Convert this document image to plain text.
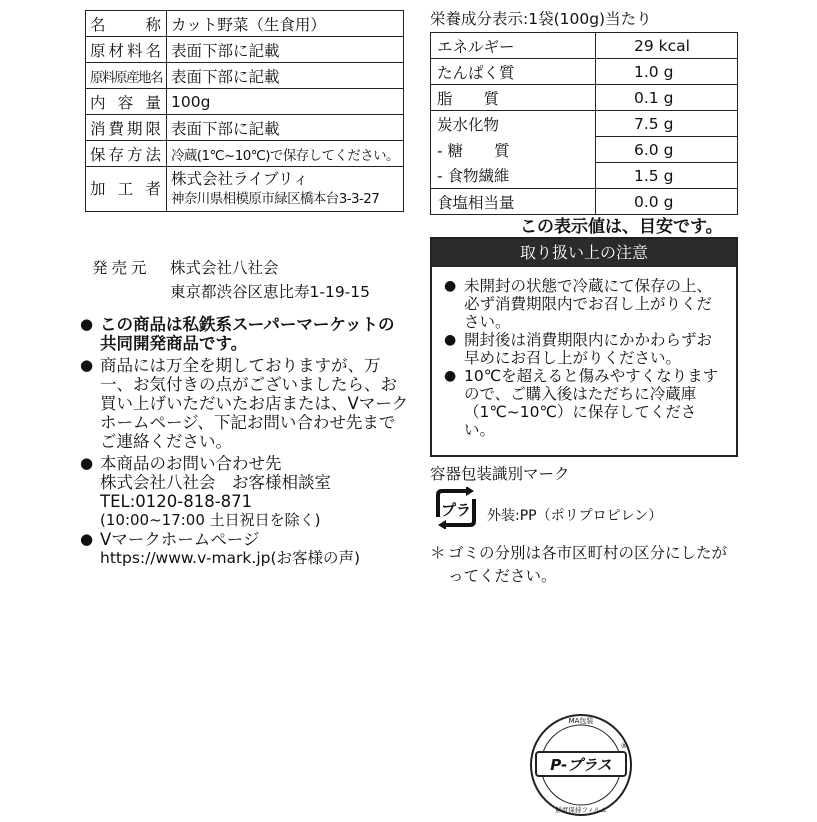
名　称	カット野菜（生食用）
原材料名	表面下部に記載
原料原産地名	表面下部に記載
内容量	100g
消費期限	表面下部に記載
保存方法	冷蔵(1℃~10℃)で保存してください。
加工者	株式会社ライブリィ
神奈川県相模原市緑区橋本台3-3-27
栄養成分表示:1袋(100g)当たり
エネルギー	29 kcal
たんぱく質	1.0 g
脂　　質	0.1 g
炭水化物	7.5 g
- 糖　　質	6.0 g
- 食物繊維	1.5 g
食塩相当量	0.0 g
この表示値は、目安です。
発売元 株式会社八社会
東京都渋谷区恵比寿1-19-15
● この商品は私鉄系スーパーマーケットの共同開発商品です。
● 商品には万全を期しておりますが、万一、お気付きの点がございましたら、お買い上げいただいたお店または、Vマークホームページ、下記お問い合わせ先までご連絡ください。
● 本商品のお問い合わせ先
株式会社八社会　お客様相談室
TEL:0120-818-871
(10:00~17:00 土日祝日を除く)
● Vマークホームページ
https://www.v-mark.jp(お客様の声)
取り扱い上の注意
● 未開封の状態で冷蔵にて保存の上、必ず消費期限内でお召し上がりください。
● 開封後は消費期限内にかかわらずお早めにお召し上がりください。
● 10℃を超えると傷みやすくなりますので、ご購入後はただちに冷蔵庫（1℃~10℃）に保存してください。
容器包装識別マーク
プラ 外装:PP（ポリプロピレン）
＊ ゴミの分別は各市区町村の区分にしたがってください。
MA包装
P-プラス
®
鮮度保持フィルム
